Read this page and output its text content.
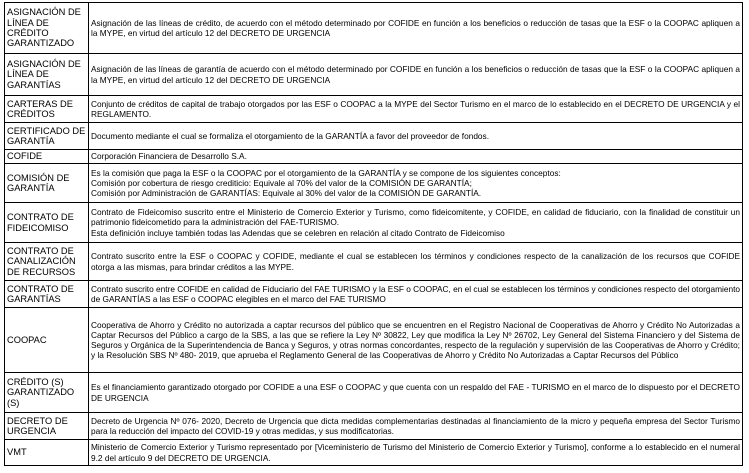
ASIGNACIÓN DE LÍNEA DE CRÉDITO GARANTIZADO	Asignación de las líneas de crédito, de acuerdo con el método determinado por COFIDE en función a los beneficios o reducción de tasas que la ESF o la COOPAC apliquen a la MYPE, en virtud del artículo 12 del DECRETO DE URGENCIA

ASIGNACIÓN DE LÍNEA DE GARANTÍAS	Asignación de las líneas de garantía de acuerdo con el método determinado por COFIDE en función a los beneficios o reducción de tasas que la ESF o la COOPAC apliquen a la MYPE, en virtud del artículo 12 del DECRETO DE URGENCIA

CARTERAS DE CRÉDITOS	Conjunto de créditos de capital de trabajo otorgados por las ESF o COOPAC a la MYPE del Sector Turismo en el marco de lo establecido en el DECRETO DE URGENCIA y el REGLAMENTO.

CERTIFICADO DE GARANTÍA	Documento mediante el cual se formaliza el otorgamiento de la GARANTÍA a favor del proveedor de fondos.

COFIDE	Corporación Financiera de Desarrollo S.A.

COMISIÓN DE GARANTÍA	Es la comisión que paga la ESF o la COOPAC por el otorgamiento de la GARANTÍA y se compone de los siguientes conceptos:
Comisión por cobertura de riesgo crediticio: Equivale al 70% del valor de la COMISIÓN DE GARANTÍA;
Comisión por Administración de GARANTÍAS: Equivale al 30% del valor de la COMISIÓN DE GARANTÍA.

CONTRATO DE FIDEICOMISO	Contrato de Fideicomiso suscrito entre el Ministerio de Comercio Exterior y Turismo, como fideicomitente, y COFIDE, en calidad de fiduciario, con la finalidad de constituir un patrimonio fideicometido para la administración del FAE-TURISMO.
Esta definición incluye también todas las Adendas que se celebren en relación al citado Contrato de Fideicomiso

CONTRATO DE CANALIZACIÓN DE RECURSOS	Contrato suscrito entre la ESF o COOPAC y COFIDE, mediante el cual se establecen los términos y condiciones respecto de la canalización de los recursos que COFIDE otorga a las mismas, para brindar créditos a las MYPE.

CONTRATO DE GARANTÍAS	Contrato suscrito entre COFIDE en calidad de Fiduciario del FAE TURISMO y la ESF o COOPAC, en el cual se establecen los términos y condiciones respecto del otorgamiento de GARANTÍAS a las ESF o COOPAC elegibles en el marco del FAE TURISMO

COOPAC	Cooperativa de Ahorro y Crédito no autorizada a captar recursos del público que se encuentren en el Registro Nacional de Cooperativas de Ahorro y Crédito No Autorizadas a Captar Recursos del Público a cargo de la SBS, a las que se refiere la Ley Nº 30822, Ley que modifica la Ley Nº 26702, Ley General del Sistema Financiero y del Sistema de Seguros y Orgánica de la Superintendencia de Banca y Seguros, y otras normas concordantes, respecto de la regulación y supervisión de las Cooperativas de Ahorro y Crédito; y la Resolución SBS Nº 480- 2019, que aprueba el Reglamento General de las Cooperativas de Ahorro y Crédito No Autorizadas a Captar Recursos del Público

CRÉDITO (S) GARANTIZADO (S)	Es el financiamiento garantizado otorgado por COFIDE a una ESF o COOPAC y que cuenta con un respaldo del FAE - TURISMO en el marco de lo dispuesto por el DECRETO DE URGENCIA

DECRETO DE URGENCIA	Decreto de Urgencia Nº 076- 2020, Decreto de Urgencia que dicta medidas complementarias destinadas al financiamiento de la micro y pequeña empresa del Sector Turismo para la reducción del impacto del COVID-19 y otras medidas, y sus modificatorias.

VMT	Ministerio de Comercio Exterior y Turismo representado por [Viceministerio de Turismo del Ministerio de Comercio Exterior y Turismo], conforme a lo establecido en el numeral 9.2 del artículo 9 del DECRETO DE URGENCIA.
